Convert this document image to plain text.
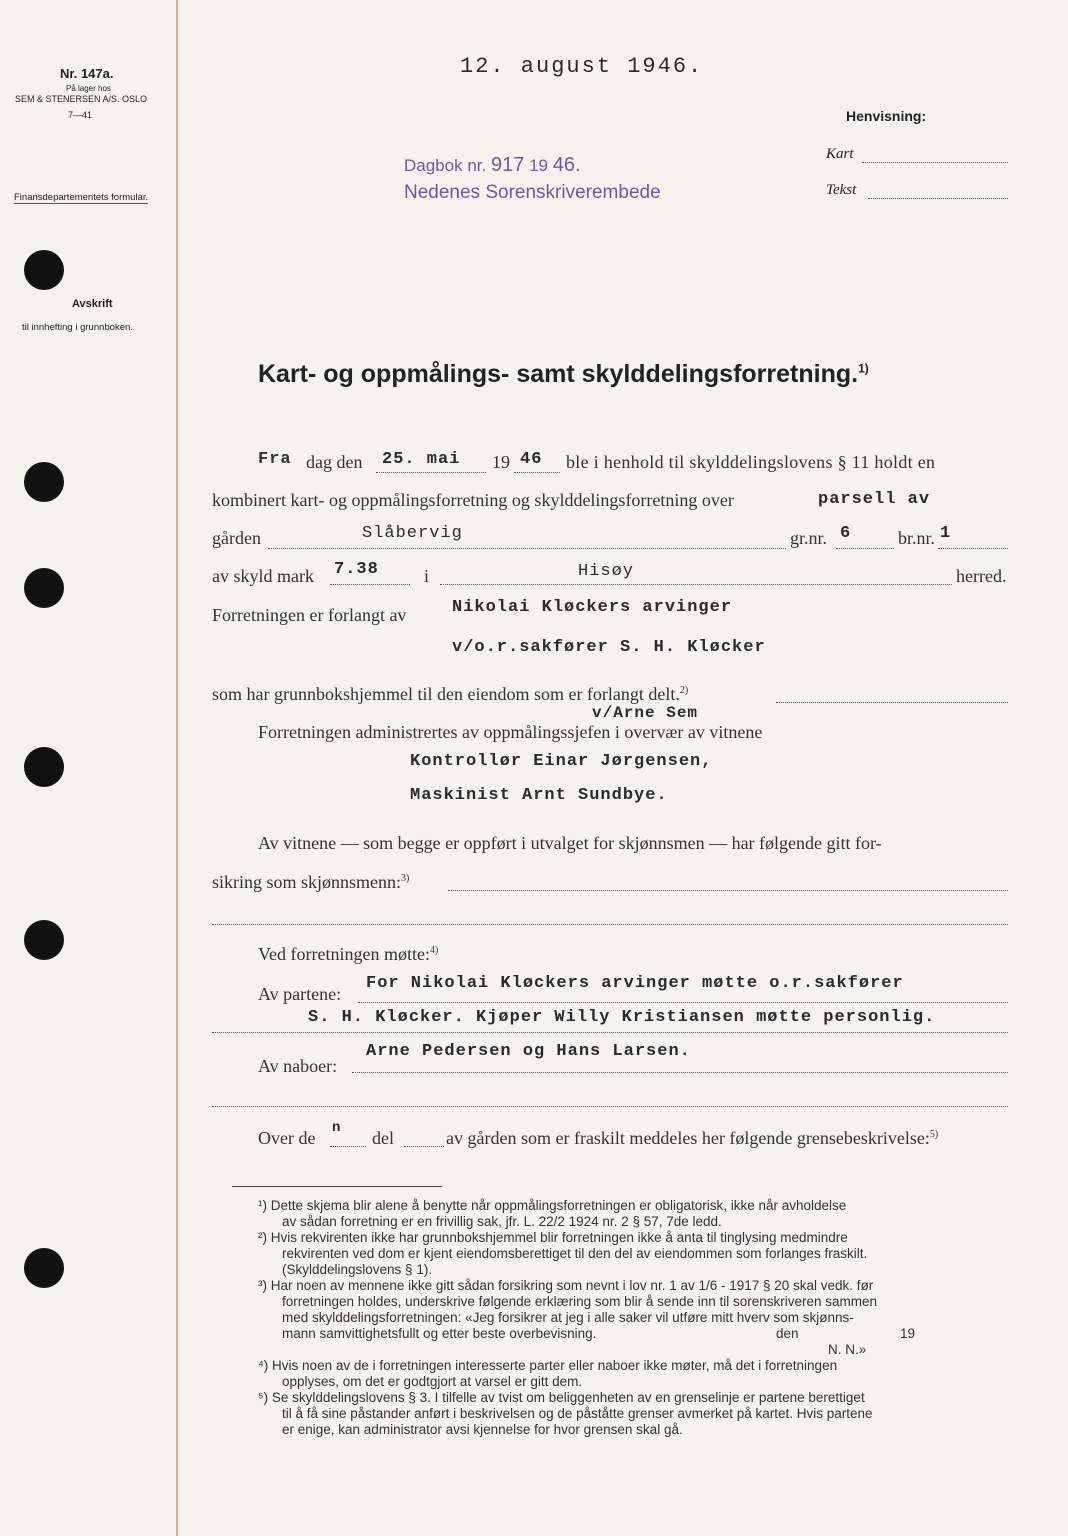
Nr. 147a.
På lager hos
SEM & STENERSEN A/S. OSLO
7—41
Finansdepartementets formular.
Avskrift
til innhefting i grunnboken.
12. august 1946.
Dagbok nr. 917 19 46.
Nedenes Sorenskriverembede
Henvisning:
Kart
Tekst
Kart- og oppmålings- samt skylddelingsforretning.$^{1)}$
Fra dag den 25. mai 19 46 ble i henhold til skylddelingslovens § 11 holdt en
kombinert kart- og oppmålingsforretning og skylddelingsforretning over	parsell av
gården	Slåbervig	gr.nr. 6	br.nr. 1
av skyld mark 7.38	i	Hisøy	herred.
Forretningen er forlangt av	Nikolai Kløckers arvinger
v/o.r.sakfører S. H. Kløcker
som har grunnbokshjemmel til den eiendom som er forlangt delt.$^{2)}$
v/Arne Sem
Forretningen administrertes av oppmålingssjefen i overvær av vitnene
Kontrollør Einar Jørgensen,
Maskinist Arnt Sundbye.
Av vitnene — som begge er oppført i utvalget for skjønnsmen — har følgende gitt for-
sikring som skjønnsmenn:$^{3)}$
Ved forretningen møtte:$^{4)}$
Av partene:
For Nikolai Kløckers arvinger møtte o.r.sakfører
S. H. Kløcker. Kjøper Willy Kristiansen møtte personlig.
Av naboer:
Arne Pedersen og Hans Larsen.
Over de n del	av gården som er fraskilt meddeles her følgende grensebeskrivelse:$^{5)}$
¹) Dette skjema blir alene å benytte når oppmålingsforretningen er obligatorisk, ikke når avholdelse
av sådan forretning er en frivillig sak, jfr. L. 22/2 1924 nr. 2 § 57, 7de ledd.
²) Hvis rekvirenten ikke har grunnbokshjemmel blir forretningen ikke å anta til tinglysing medmindre
rekvirenten ved dom er kjent eiendomsberettiget til den del av eiendommen som forlanges fraskilt.
(Skylddelingslovens § 1).
³) Har noen av mennene ikke gitt sådan forsikring som nevnt i lov nr. 1 av 1/6 - 1917 § 20 skal vedk. før
forretningen holdes, underskrive følgende erklæring som blir å sende inn til sorenskriveren sammen
med skylddelingsforretningen: «Jeg forsikrer at jeg i alle saker vil utføre mitt hverv som skjønns-
mann samvittighetsfullt og etter beste overbevisning.	den	19
N. N.»
⁴) Hvis noen av de i forretningen interesserte parter eller naboer ikke møter, må det i forretningen
opplyses, om det er godtgjort at varsel er gitt dem.
⁵) Se skylddelingslovens § 3. I tilfelle av tvist om beliggenheten av en grenselinje er partene berettiget
til å få sine påstander anført i beskrivelsen og de påståtte grenser avmerket på kartet. Hvis partene
er enige, kan administrator avsi kjennelse for hvor grensen skal gå.
